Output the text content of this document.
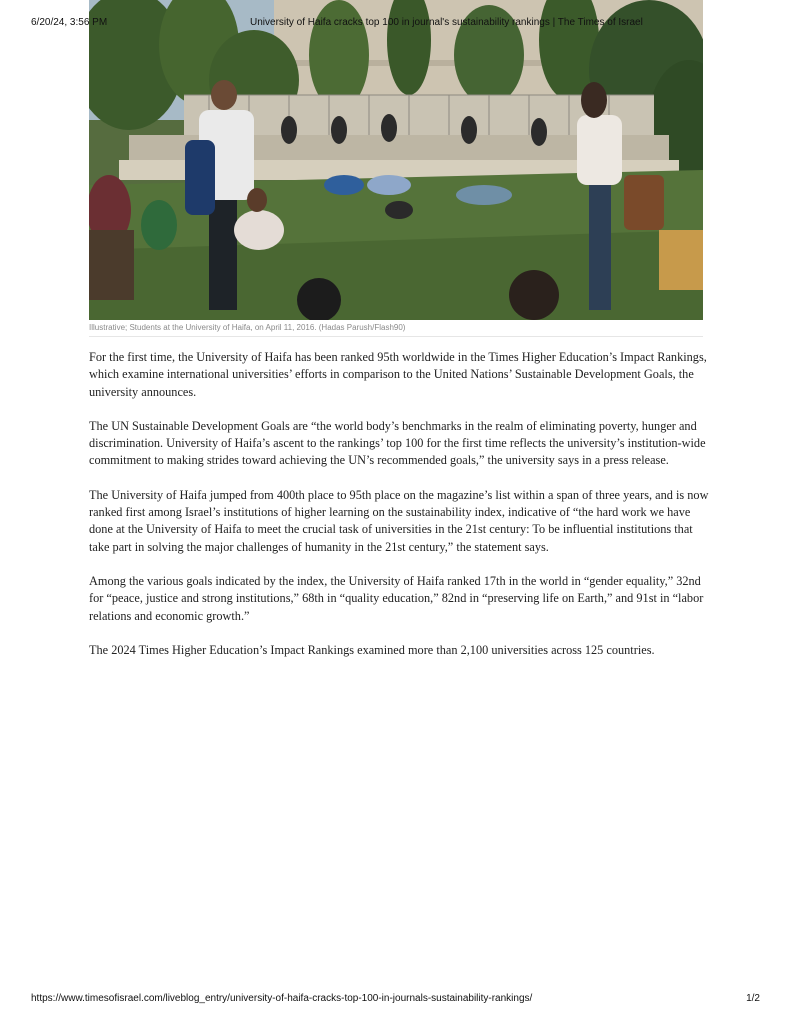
6/20/24, 3:56 PM	University of Haifa cracks top 100 in journal's sustainability rankings | The Times of Israel
Illustrative; Students at the University of Haifa, on April 11, 2016. (Hadas Parush/Flash90)

For the first time, the University of Haifa has been ranked 95th worldwide in the Times Higher Education’s Impact Rankings, which examine international universities’ efforts in comparison to the United Nations’ Sustainable Development Goals, the university announces.

The UN Sustainable Development Goals are “the world body’s benchmarks in the realm of eliminating poverty, hunger and discrimination. University of Haifa’s ascent to the rankings’ top 100 for the first time reflects the university’s institution-wide commitment to making strides toward achieving the UN’s recommended goals,” the university says in a press release.

The University of Haifa jumped from 400th place to 95th place on the magazine’s list within a span of three years, and is now ranked first among Israel’s institutions of higher learning on the sustainability index, indicative of “the hard work we have done at the University of Haifa to meet the crucial task of universities in the 21st century: To be influential institutions that take part in solving the major challenges of humanity in the 21st century,” the statement says.

Among the various goals indicated by the index, the University of Haifa ranked 17th in the world in “gender equality,” 32nd for “peace, justice and strong institutions,” 68th in “quality education,” 82nd in “preserving life on Earth,” and 91st in “labor relations and economic growth.”

The 2024 Times Higher Education’s Impact Rankings examined more than 2,100 universities across 125 countries.

https://www.timesofisrael.com/liveblog_entry/university-of-haifa-cracks-top-100-in-journals-sustainability-rankings/	1/2
